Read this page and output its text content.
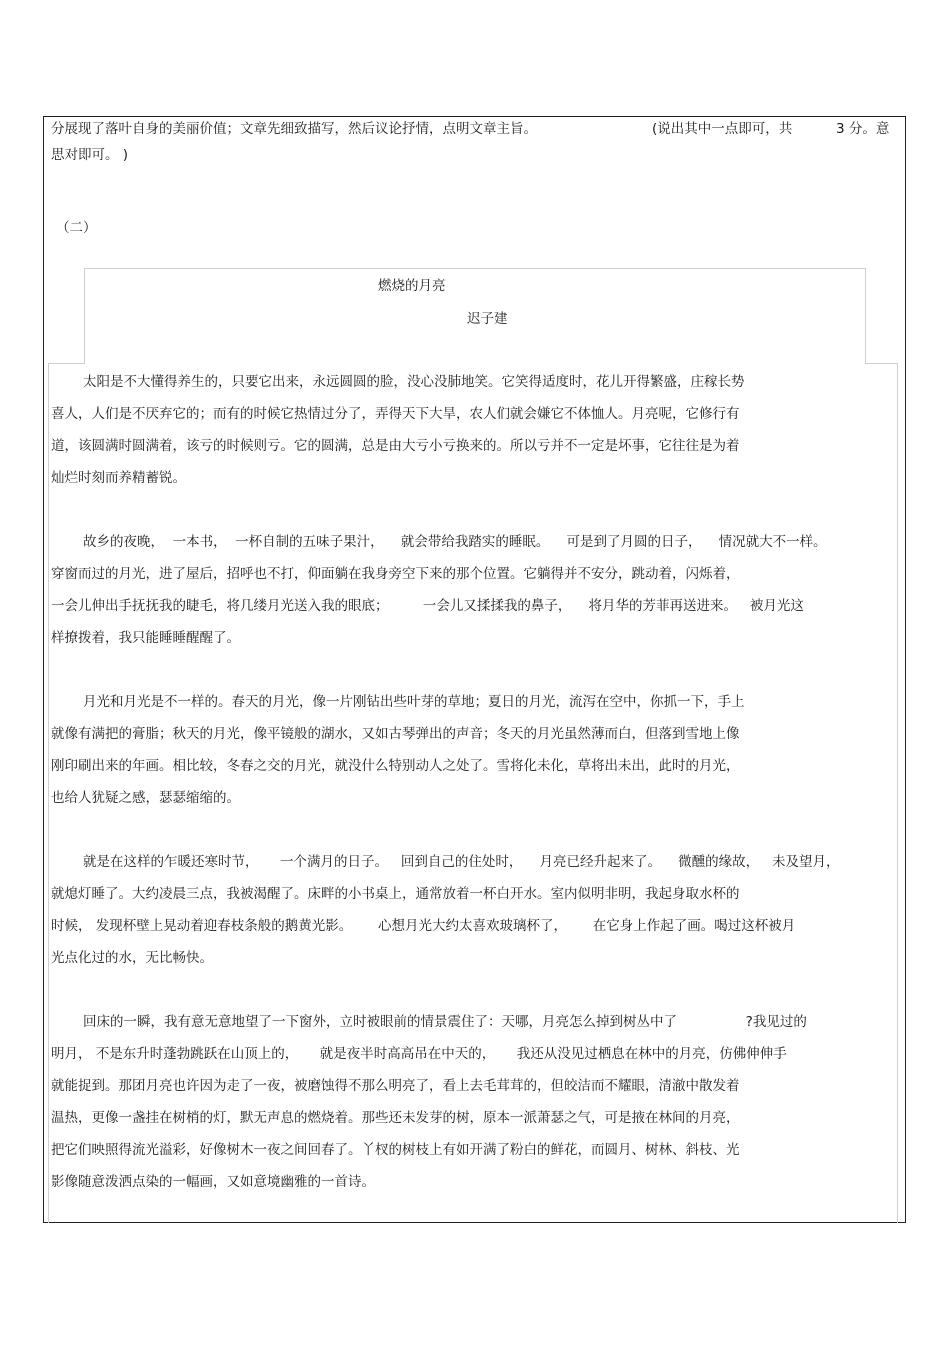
分展现了落叶自身的美丽价值；文章先细致描写，然后议论抒情，点明文章主旨。	(说出其中一点即可，共	3 分。意
思对即可。 )
（二）
燃烧的月亮
迟子建
太阳是不大懂得养生的，只要它出来，永远圆圆的脸，没心没肺地笑。它笑得适度时，花儿开得繁盛，庄稼长势
喜人，人们是不厌弃它的；而有的时候它热情过分了，弄得天下大旱，农人们就会嫌它不体恤人。月亮呢，它修行有
道，该圆满时圆满着，该亏的时候则亏。它的圆满，总是由大亏小亏换来的。所以亏并不一定是坏事，它往往是为着
灿烂时刻而养精蓄锐。
故乡的夜晚，  一本书，  一杯自制的五味子果汁，    就会带给我踏实的睡眠。    可是到了月圆的日子，    情况就大不一样。
穿窗而过的月光，进了屋后，招呼也不打，仰面躺在我身旁空下来的那个位置。它躺得并不安分，跳动着，闪烁着，
一会儿伸出手抚抚我的睫毛，将几缕月光送入我的眼底；        一会儿又揉揉我的鼻子，    将月华的芳菲再送进来。   被月光这
样撩拨着，我只能睡睡醒醒了。
月光和月光是不一样的。春天的月光，像一片刚钻出些叶芽的草地；夏日的月光，流泻在空中，你抓一下，手上
就像有满把的膏脂；秋天的月光，像平镜般的湖水，又如古琴弹出的声音；冬天的月光虽然薄而白，但落到雪地上像
刚印刷出来的年画。相比较，冬春之交的月光，就没什么特别动人之处了。雪将化未化，草将出未出，此时的月光，
也给人犹疑之感，瑟瑟缩缩的。
就是在这样的乍暖还寒时节，     一个满月的日子。   回到自己的住处时，    月亮已经升起来了。    微醺的缘故，   未及望月，
就熄灯睡了。大约凌晨三点，我被渴醒了。床畔的小书桌上，通常放着一杯白开水。室内似明非明，我起身取水杯的
时候， 发现杯壁上晃动着迎春枝条般的鹅黄光影。      心想月光大约太喜欢玻璃杯了，      在它身上作起了画。喝过这杯被月
光点化过的水，无比畅快。
回床的一瞬，我有意无意地望了一下窗外，立时被眼前的情景震住了：天哪，月亮怎么掉到树丛中了                ?我见过的
明月， 不是东升时蓬勃跳跃在山顶上的，     就是夜半时高高吊在中天的，     我还从没见过栖息在林中的月亮，仿佛伸伸手
就能捉到。那团月亮也许因为走了一夜，被磨蚀得不那么明亮了，看上去毛茸茸的，但皎洁而不耀眼，清澈中散发着
温热，更像一盏挂在树梢的灯，默无声息的燃烧着。那些还未发芽的树，原本一派萧瑟之气，可是掖在林间的月亮，
把它们映照得流光溢彩，好像树木一夜之间回春了。丫杈的树枝上有如开满了粉白的鲜花，而圆月、树林、斜枝、光
影像随意泼洒点染的一幅画，又如意境幽雅的一首诗。
